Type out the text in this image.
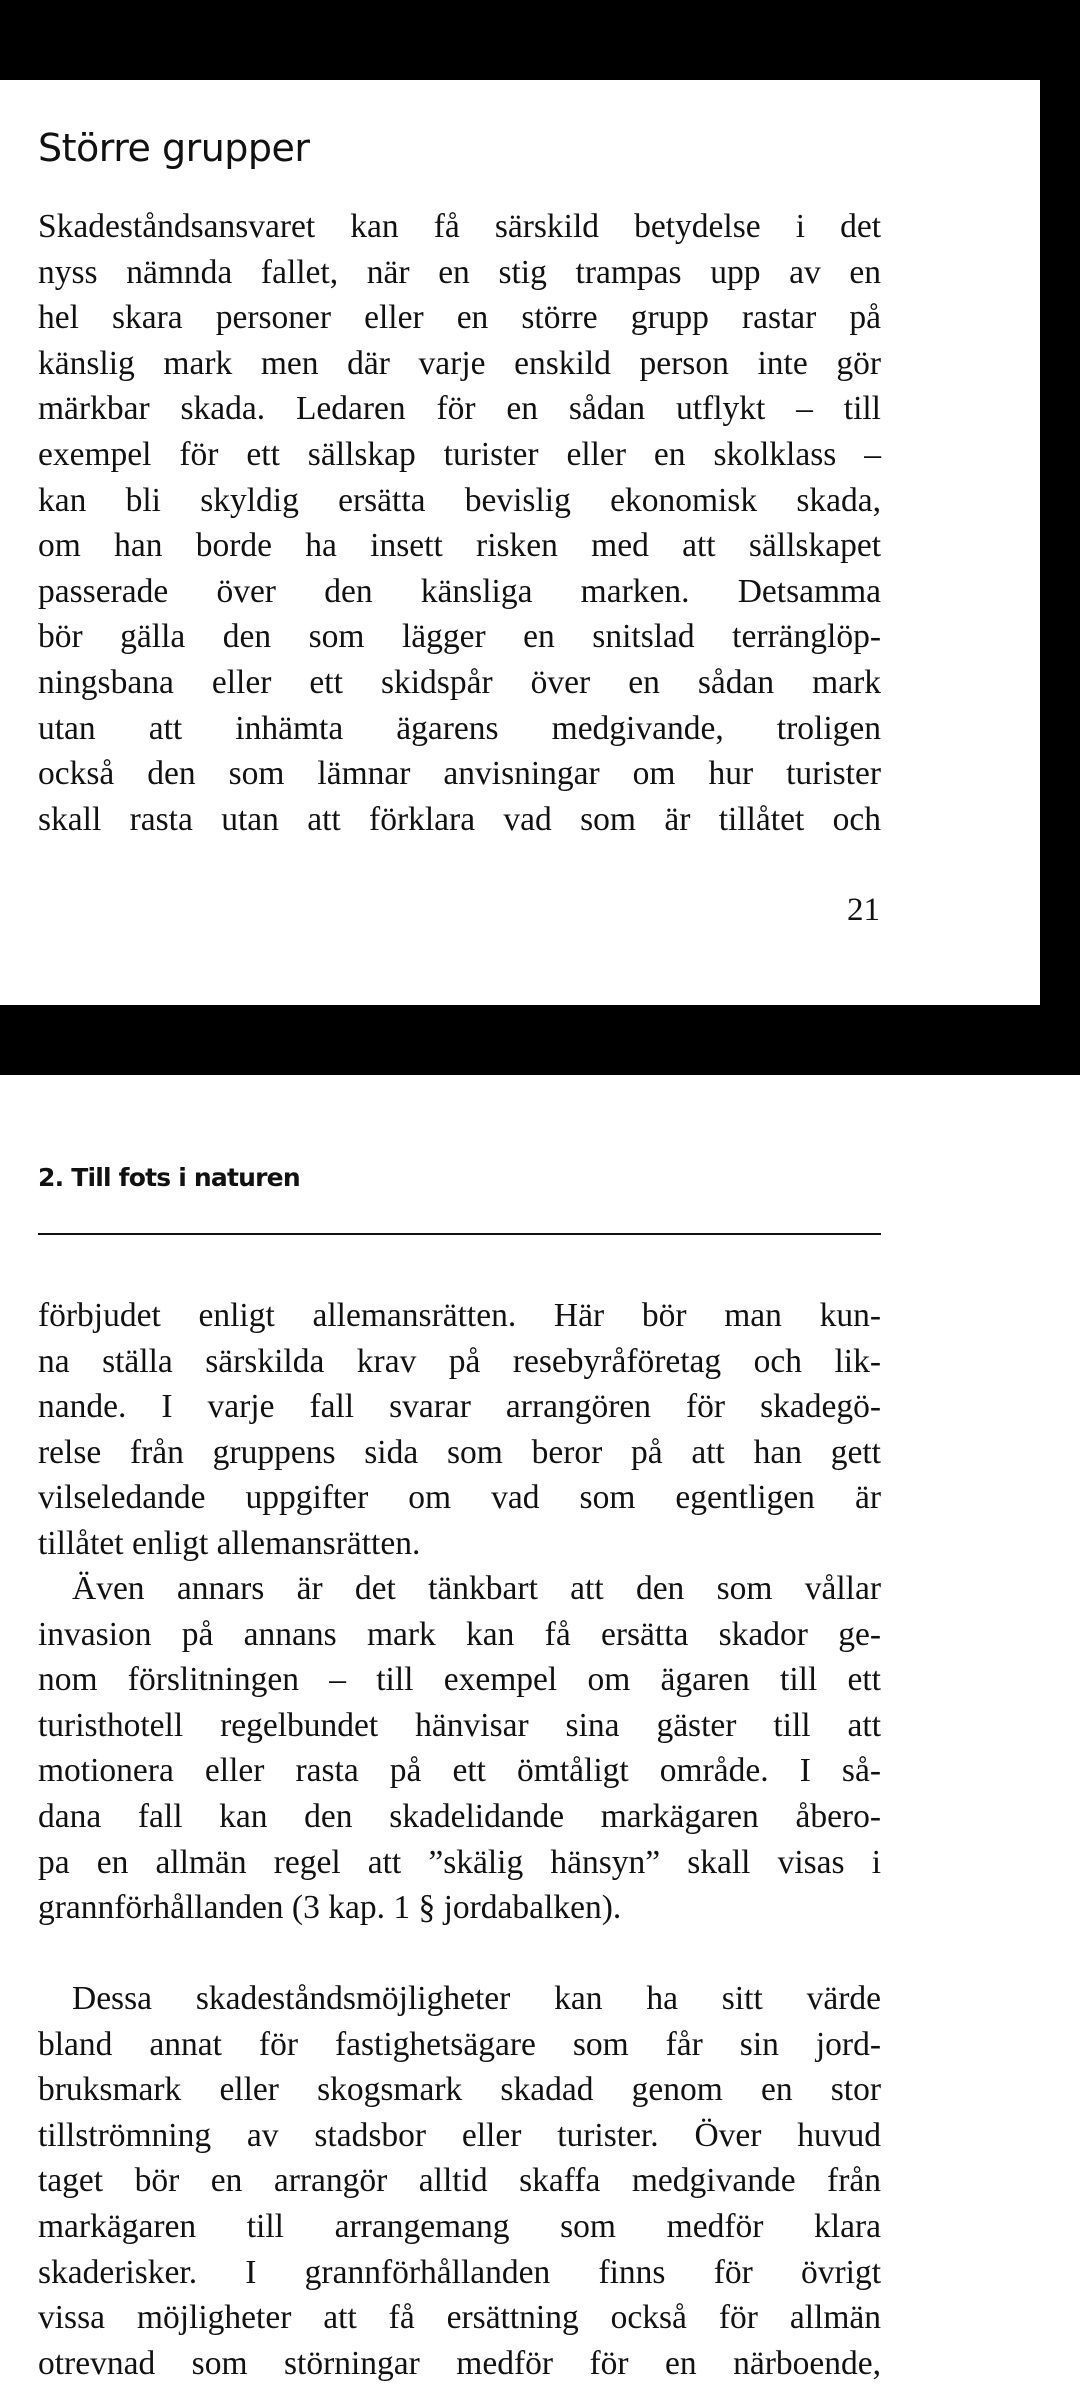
Större grupper

Skadeståndsansvaret kan få särskild betydelse i det
nyss nämnda fallet, när en stig trampas upp av en
hel skara personer eller en större grupp rastar på
känslig mark men där varje enskild person inte gör
märkbar skada. Ledaren för en sådan utflykt – till
exempel för ett sällskap turister eller en skolklass –
kan bli skyldig ersätta bevislig ekonomisk skada,
om han borde ha insett risken med att sällskapet
passerade över den känsliga marken. Detsamma
bör gälla den som lägger en snitslad terränglöp-
ningsbana eller ett skidspår över en sådan mark
utan att inhämta ägarens medgivande, troligen
också den som lämnar anvisningar om hur turister
skall rasta utan att förklara vad som är tillåtet och

21
2. Till fots i naturen

förbjudet enligt allemansrätten. Här bör man kun-
na ställa särskilda krav på resebyråföretag och lik-
nande. I varje fall svarar arrangören för skadegö-
relse från gruppens sida som beror på att han gett
vilseledande uppgifter om vad som egentligen är
tillåtet enligt allemansrätten.

Även annars är det tänkbart att den som vållar
invasion på annans mark kan få ersätta skador ge-
nom förslitningen – till exempel om ägaren till ett
turisthotell regelbundet hänvisar sina gäster till att
motionera eller rasta på ett ömtåligt område. I så-
dana fall kan den skadelidande markägaren åbero-
pa en allmän regel att ”skälig hänsyn” skall visas i
grannförhållanden (3 kap. 1 § jordabalken).

Dessa skadeståndsmöjligheter kan ha sitt värde
bland annat för fastighetsägare som får sin jord-
bruksmark eller skogsmark skadad genom en stor
tillströmning av stadsbor eller turister. Över huvud
taget bör en arrangör alltid skaffa medgivande från
markägaren till arrangemang som medför klara
skaderisker. I grannförhållanden finns för övrigt
vissa möjligheter att få ersättning också för allmän
otrevnad som störningar medför för en närboende,
